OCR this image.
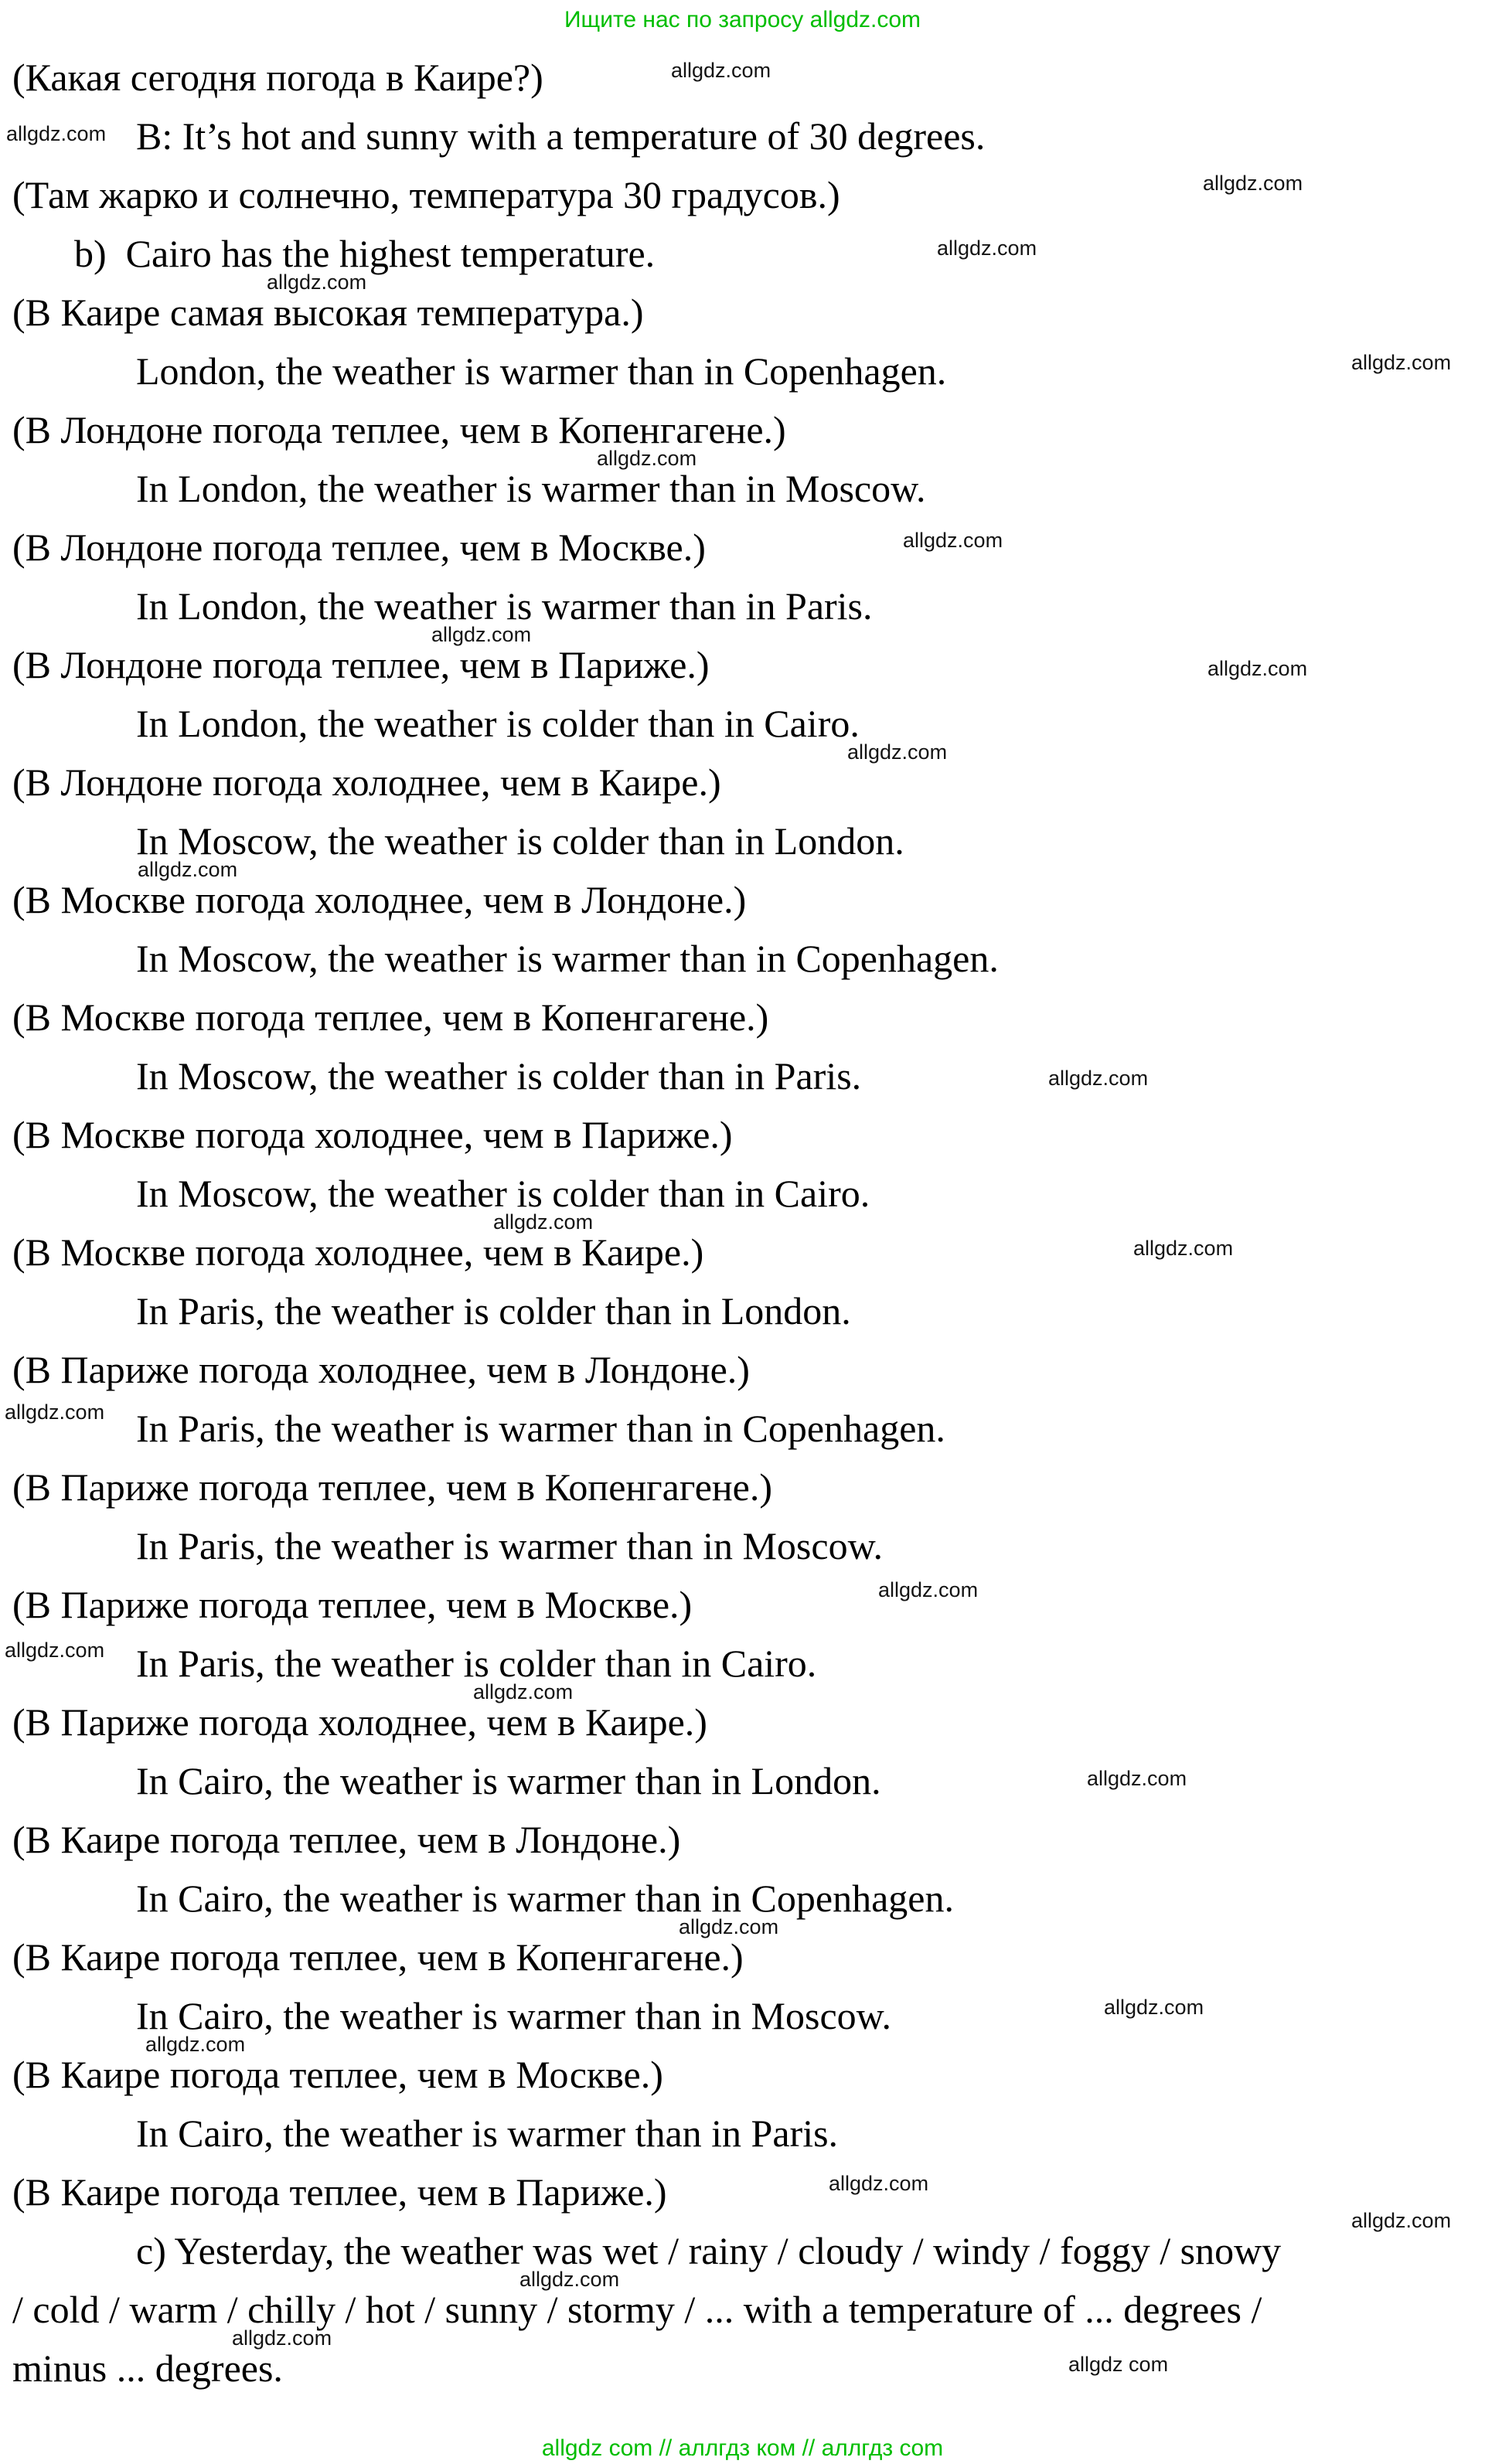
Ищите нас по запросу allgdz.com
(Какая сегодня погода в Каире?)	allgdz.com
B: It’s hot and sunny with a temperature of 30 degrees.
allgdz.com
(Там жарко и солнечно, температура 30 градусов.)	allgdz.com
b)  Cairo has the highest temperature.	allgdz.com
allgdz.com
(В Каире самая высокая температура.)
London, the weather is warmer than in Copenhagen.	allgdz.com
(В Лондоне погода теплее, чем в Копенгагене.)
allgdz.com
In London, the weather is warmer than in Moscow.
(В Лондоне погода теплее, чем в Москве.)	allgdz.com
In London, the weather is warmer than in Paris.
allgdz.com
(В Лондоне погода теплее, чем в Париже.)	allgdz.com
In London, the weather is colder than in Cairo.
allgdz.com
(В Лондоне погода холоднее, чем в Каире.)
In Moscow, the weather is colder than in London.
allgdz.com
(В Москве погода холоднее, чем в Лондоне.)
In Moscow, the weather is warmer than in Copenhagen.
(В Москве погода теплее, чем в Копенгагене.)
In Moscow, the weather is colder than in Paris.	allgdz.com
(В Москве погода холоднее, чем в Париже.)
In Moscow, the weather is colder than in Cairo.
allgdz.com
(В Москве погода холоднее, чем в Каире.)	allgdz.com
In Paris, the weather is colder than in London.
(В Париже погода холоднее, чем в Лондоне.)
In Paris, the weather is warmer than in Copenhagen.
allgdz.com
(В Париже погода теплее, чем в Копенгагене.)
In Paris, the weather is warmer than in Moscow.
(В Париже погода теплее, чем в Москве.)	allgdz.com
In Paris, the weather is colder than in Cairo.
allgdz.com
allgdz.com
(В Париже погода холоднее, чем в Каире.)
In Cairo, the weather is warmer than in London.	allgdz.com
(В Каире погода теплее, чем в Лондоне.)
In Cairo, the weather is warmer than in Copenhagen.
allgdz.com
(В Каире погода теплее, чем в Копенгагене.)
In Cairo, the weather is warmer than in Moscow.	allgdz.com
allgdz.com
(В Каире погода теплее, чем в Москве.)
In Cairo, the weather is warmer than in Paris.
(В Каире погода теплее, чем в Париже.)	allgdz.com
c) Yesterday, the weather was wet / rainy / cloudy / windy / foggy / snowy
allgdz.com
allgdz.com
/ cold / warm / chilly / hot / sunny / stormy / ... with a temperature of ... degrees /
allgdz.com
minus ... degrees.	allgdz com
allgdz com // аллгдз ком // аллгдз com
